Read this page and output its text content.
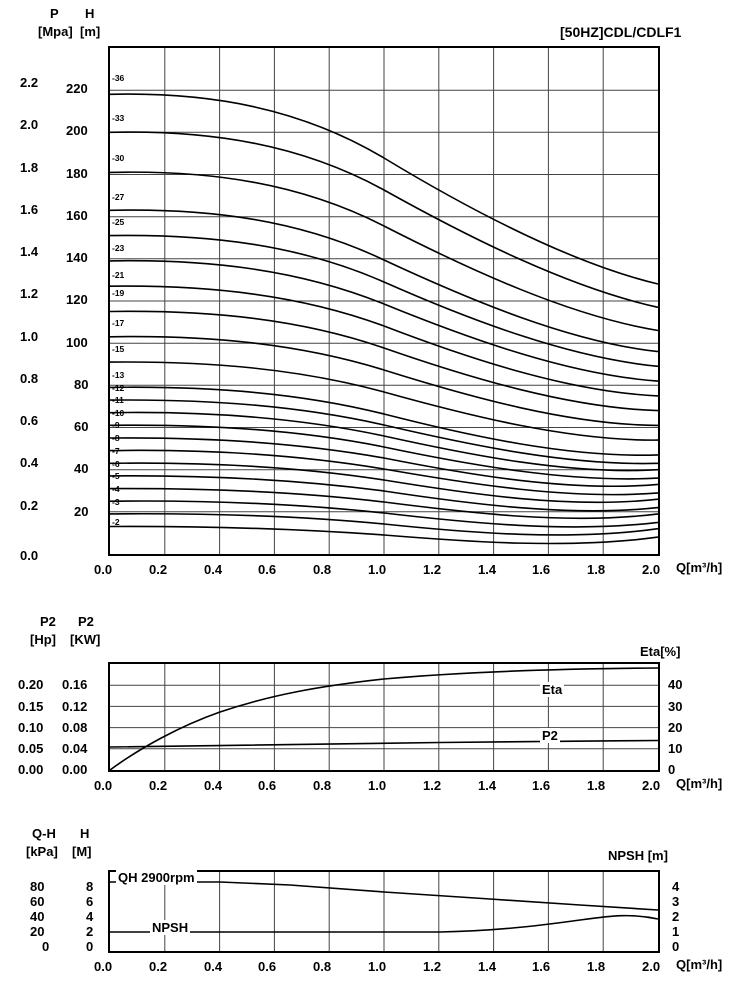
P
[Mpa]
H
[m]	[50HZ]CDL/CDLF1
2.2
2.0
1.8
1.6
1.4
1.2
1.0
0.8
0.6
0.4
0.2
0.0
220
200
180
160
140
120
100
80
60
40
20
-36
-33
-30
-27
-25
-23
-21
-19
-17
-15
-13
-12
-11
-10
-9
-8
-7
-6
-5
-4
-3
-2
0.0	0.2	0.4	0.6	0.8	1.0	1.2	1.4	1.6	1.8	2.0 Q[m³/h]
P2
[Hp]
P2
[KW]
Eta[%]
Eta
P2
0.20
0.15
0.10
0.05
0.00
0.16
0.12
0.08
0.04
0.00
40
30
20
10
0
0.0	0.2	0.4	0.6	0.8	1.0	1.2	1.4	1.6	1.8	2.0 Q[m³/h]
Q-H
[kPa]
H
[M]	NPSH [m]
QH 2900rpm
NPSH
80
60
40
20
0
8
6
4
2
0
4
3
2
1
0
0.0	0.2	0.4	0.6	0.8	1.0	1.2	1.4	1.6	1.8	2.0 Q[m³/h]
